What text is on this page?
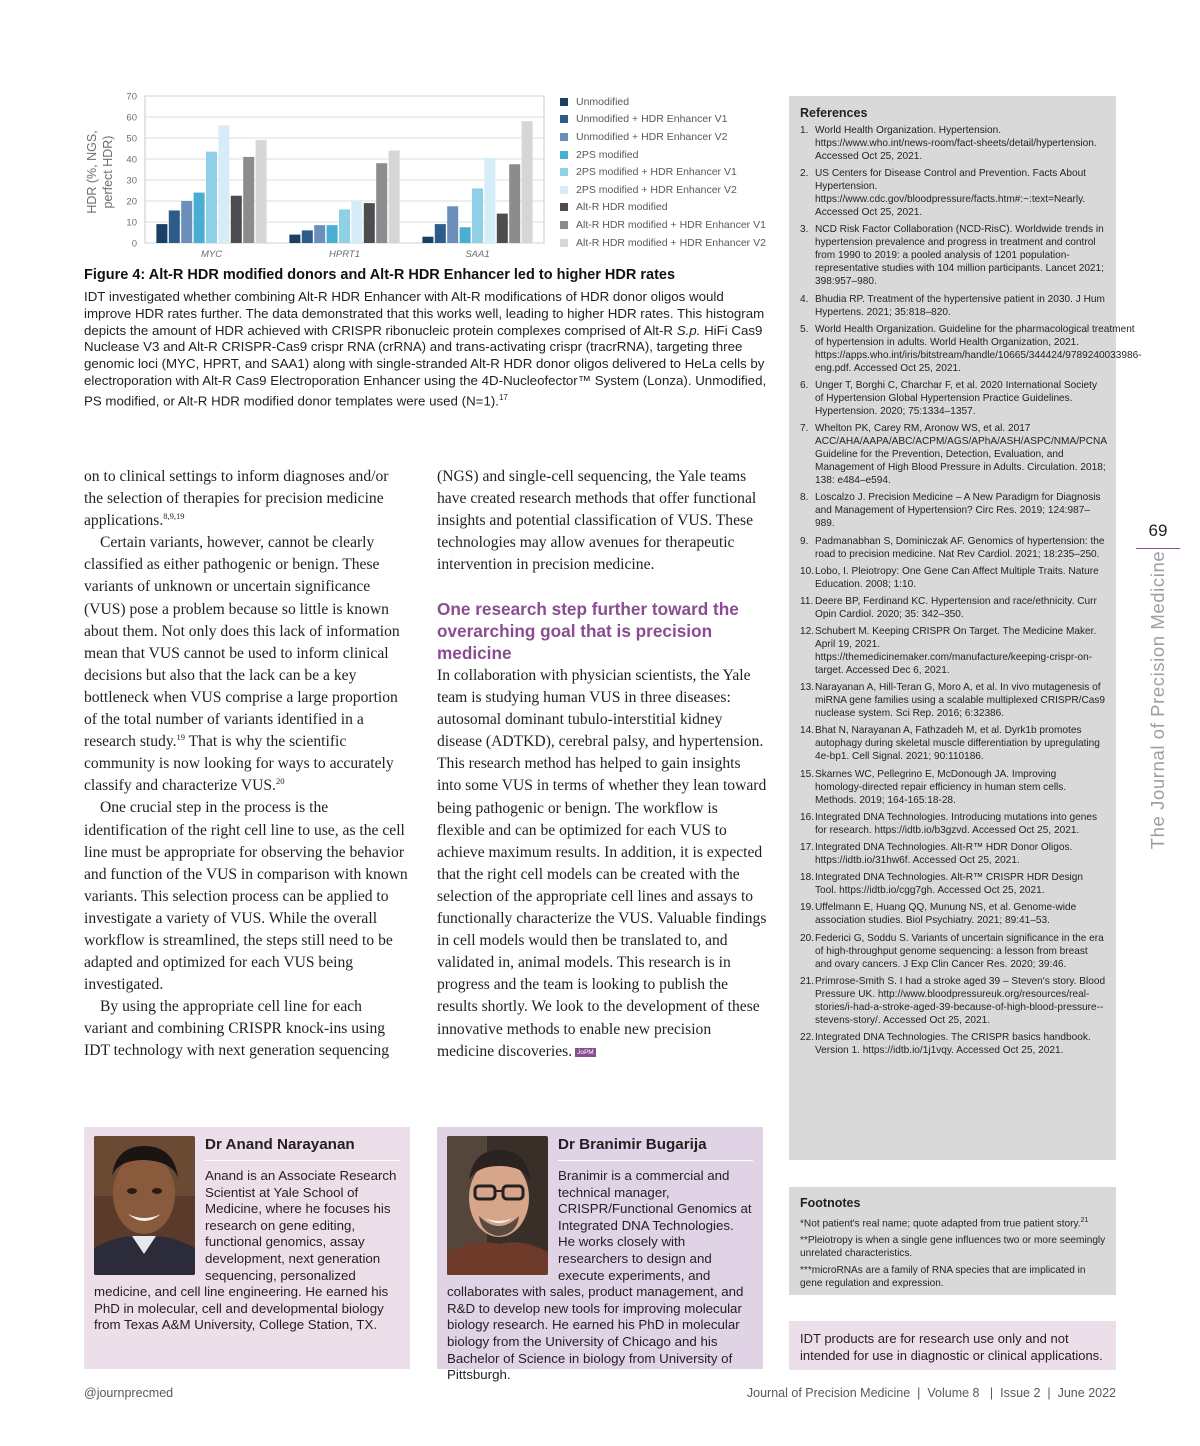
0
10
20
30
40
50
60
70
HDR (%, NGS, perfect HDR)
MYC	HPRT1	SAA1
Unmodified
Unmodified + HDR Enhancer V1
Unmodified + HDR Enhancer V2
2PS modified
2PS modified + HDR Enhancer V1
2PS modified + HDR Enhancer V2
Alt-R HDR modified
Alt-R HDR modified + HDR Enhancer V1
Alt-R HDR modified + HDR Enhancer V2
Figure 4: Alt-R HDR modified donors and Alt-R HDR Enhancer led to higher HDR rates
IDT investigated whether combining Alt-R HDR Enhancer with Alt-R modifications of HDR donor oligos would improve HDR rates further. The data demonstrated that this works well, leading to higher HDR rates. This histogram depicts the amount of HDR achieved with CRISPR ribonucleic protein complexes comprised of Alt-R S.p. HiFi Cas9 Nuclease V3 and Alt-R CRISPR-Cas9 crispr RNA (crRNA) and trans-activating crispr (tracrRNA), targeting three genomic loci (MYC, HPRT, and SAA1) along with single-stranded Alt-R HDR donor oligos delivered to HeLa cells by electroporation with Alt-R Cas9 Electroporation Enhancer using the 4D-Nucleofector™ System (Lonza). Unmodified, PS modified, or Alt-R HDR modified donor templates were used (N=1).$^{17}$

on to clinical settings to inform diagnoses and/or the selection of therapies for precision medicine applications.$^{8,9,19}$

Certain variants, however, cannot be clearly classified as either pathogenic or benign. These variants of unknown or uncertain significance (VUS) pose a problem because so little is known about them. Not only does this lack of information mean that VUS cannot be used to inform clinical decisions but also that the lack can be a key bottleneck when VUS comprise a large proportion of the total number of variants identified in a research study.$^{19}$ That is why the scientific community is now looking for ways to accurately classify and characterize VUS.$^{20}$

One crucial step in the process is the identification of the right cell line to use, as the cell line must be appropriate for observing the behavior and function of the VUS in comparison with known variants. This selection process can be applied to investigate a variety of VUS. While the overall workflow is streamlined, the steps still need to be adapted and optimized for each VUS being investigated.

By using the appropriate cell line for each variant and combining CRISPR knock-ins using IDT technology with next generation sequencing

(NGS) and single-cell sequencing, the Yale teams have created research methods that offer functional insights and potential classification of VUS. These technologies may allow avenues for therapeutic intervention in precision medicine.

One research step further toward the overarching goal that is precision medicine

In collaboration with physician scientists, the Yale team is studying human VUS in three diseases: autosomal dominant tubulo-interstitial kidney disease (ADTKD), cerebral palsy, and hypertension. This research method has helped to gain insights into some VUS in terms of whether they lean toward being pathogenic or benign. The workflow is flexible and can be optimized for each VUS to achieve maximum results. In addition, it is expected that the right cell models can be created with the selection of the appropriate cell lines and assays to functionally characterize the VUS. Valuable findings in cell models would then be translated to, and validated in, animal models. This research is in progress and the team is looking to publish the results shortly. We look to the development of these innovative methods to enable new precision medicine discoveries. JoPM

References
1. World Health Organization. Hypertension. https://www.who.int/news-room/fact-sheets/detail/hypertension. Accessed Oct 25, 2021.
2. US Centers for Disease Control and Prevention. Facts About Hypertension. https://www.cdc.gov/bloodpressure/facts.htm#:~:text=Nearly. Accessed Oct 25, 2021.
3. NCD Risk Factor Collaboration (NCD-RisC). Worldwide trends in hypertension prevalence and progress in treatment and control from 1990 to 2019: a pooled analysis of 1201 population-representative studies with 104 million participants. Lancet 2021; 398:957–980.
4. Bhudia RP. Treatment of the hypertensive patient in 2030. J Hum Hypertens. 2021; 35:818–820.
5. World Health Organization. Guideline for the pharmacological treatment of hypertension in adults. World Health Organization, 2021. https://apps.who.int/iris/bitstream/handle/10665/344424/9789240033986-eng.pdf. Accessed Oct 25, 2021.
6. Unger T, Borghi C, Charchar F, et al. 2020 International Society of Hypertension Global Hypertension Practice Guidelines. Hypertension. 2020; 75:1334–1357.
7. Whelton PK, Carey RM, Aronow WS, et al. 2017 ACC/AHA/AAPA/ABC/ACPM/AGS/APhA/ASH/ASPC/NMA/PCNA Guideline for the Prevention, Detection, Evaluation, and Management of High Blood Pressure in Adults. Circulation. 2018; 138: e484–e594.
8. Loscalzo J. Precision Medicine – A New Paradigm for Diagnosis and Management of Hypertension? Circ Res. 2019; 124:987–989.
9. Padmanabhan S, Dominiczak AF. Genomics of hypertension: the road to precision medicine. Nat Rev Cardiol. 2021; 18:235–250.
10. Lobo, I. Pleiotropy: One Gene Can Affect Multiple Traits. Nature Education. 2008; 1:10.
11. Deere BP, Ferdinand KC. Hypertension and race/ethnicity. Curr Opin Cardiol. 2020; 35: 342–350.
12. Schubert M. Keeping CRISPR On Target. The Medicine Maker. April 19, 2021. https://themedicinemaker.com/manufacture/keeping-crispr-on-target. Accessed Dec 6, 2021.
13. Narayanan A, Hill-Teran G, Moro A, et al. In vivo mutagenesis of miRNA gene families using a scalable multiplexed CRISPR/Cas9 nuclease system. Sci Rep. 2016; 6:32386.
14. Bhat N, Narayanan A, Fathzadeh M, et al. Dyrk1b promotes autophagy during skeletal muscle differentiation by upregulating 4e-bp1. Cell Signal. 2021; 90:110186.
15. Skarnes WC, Pellegrino E, McDonough JA. Improving homology-directed repair efficiency in human stem cells. Methods. 2019; 164-165:18-28.
16. Integrated DNA Technologies. Introducing mutations into genes for research. https://idtb.io/b3gzvd. Accessed Oct 25, 2021.
17. Integrated DNA Technologies. Alt-R™ HDR Donor Oligos. https://idtb.io/31hw6f. Accessed Oct 25, 2021.
18. Integrated DNA Technologies. Alt-R™ CRISPR HDR Design Tool. https://idtb.io/cgg7gh. Accessed Oct 25, 2021.
19. Uffelmann E, Huang QQ, Munung NS, et al. Genome-wide association studies. Biol Psychiatry. 2021; 89:41–53.
20. Federici G, Soddu S. Variants of uncertain significance in the era of high-throughput genome sequencing: a lesson from breast and ovary cancers. J Exp Clin Cancer Res. 2020; 39:46.
21. Primrose-Smith S. I had a stroke aged 39 – Steven's story. Blood Pressure UK. http://www.bloodpressureuk.org/resources/real-stories/i-had-a-stroke-aged-39-because-of-high-blood-pressure--stevens-story/. Accessed Oct 25, 2021.
22. Integrated DNA Technologies. The CRISPR basics handbook. Version 1. https://idtb.io/1j1vqy. Accessed Oct 25, 2021.
Footnotes
*Not patient's real name; quote adapted from true patient story.$^{21}$
**Pleiotropy is when a single gene influences two or more seemingly unrelated characteristics.
***microRNAs are a family of RNA species that are implicated in gene regulation and expression.
IDT products are for research use only and not intended for use in diagnostic or clinical applications.
69
The Journal of Precision Medicine
Dr Anand Narayanan
Anand is an Associate Research Scientist at Yale School of Medicine, where he focuses his research on gene editing, functional genomics, assay development, next generation sequencing, personalized medicine, and cell line engineering. He earned his PhD in molecular, cell and developmental biology from Texas A&M University, College Station, TX.
Dr Branimir Bugarija
Branimir is a commercial and technical manager, CRISPR/Functional Genomics at Integrated DNA Technologies. He works closely with researchers to design and execute experiments, and collaborates with sales, product management, and R&D to develop new tools for improving molecular biology research. He earned his PhD in molecular biology from the University of Chicago and his Bachelor of Science in biology from University of Pittsburgh.
@journprecmed	Journal of Precision Medicine  |  Volume 8   |  Issue 2  |  June 2022
